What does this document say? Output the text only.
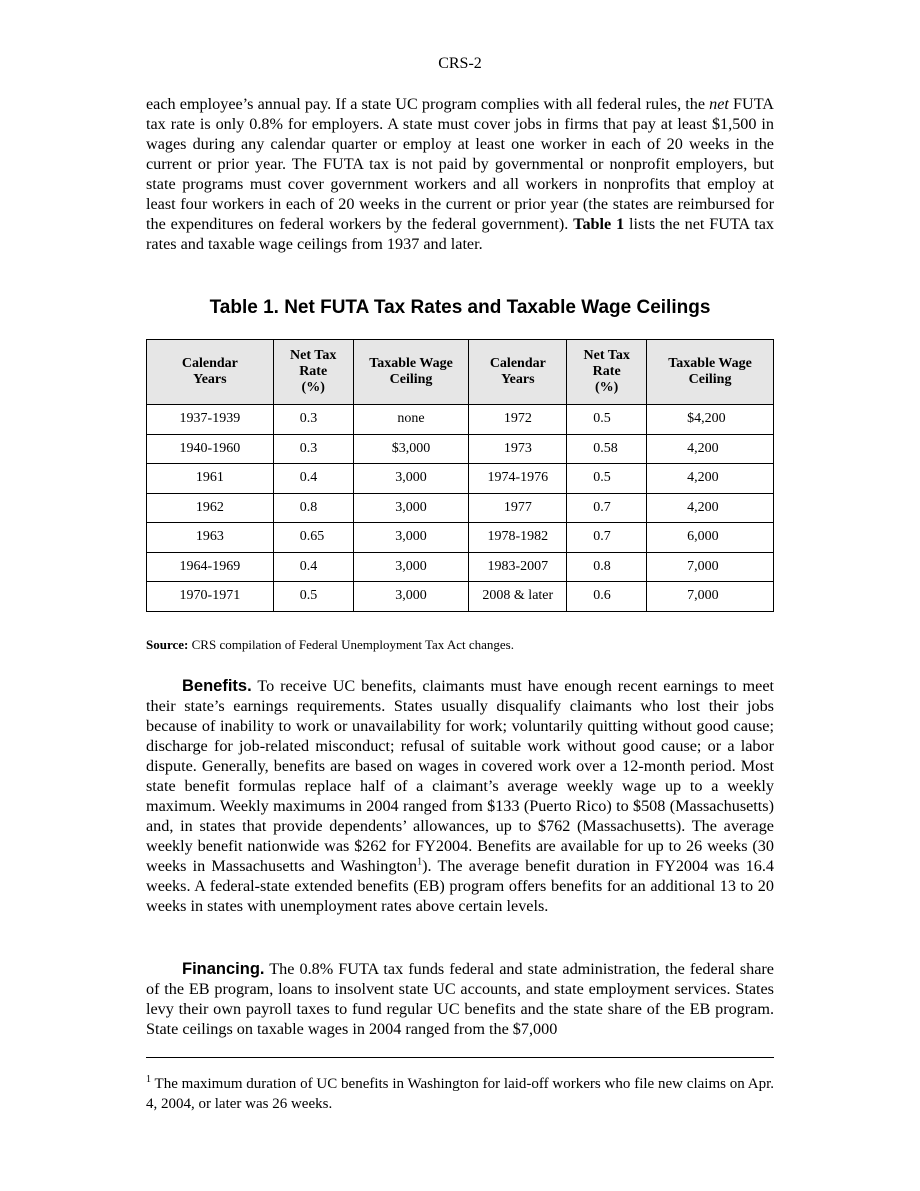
CRS-2

each employee’s annual pay. If a state UC program complies with all federal rules, the net FUTA tax rate is only 0.8% for employers. A state must cover jobs in firms that pay at least $1,500 in wages during any calendar quarter or employ at least one worker in each of 20 weeks in the current or prior year. The FUTA tax is not paid by governmental or nonprofit employers, but state programs must cover government workers and all workers in nonprofits that employ at least four workers in each of 20 weeks in the current or prior year (the states are reimbursed for the expenditures on federal workers by the federal government). Table 1 lists the net FUTA tax rates and taxable wage ceilings from 1937 and later.

Table 1. Net FUTA Tax Rates and Taxable Wage Ceilings
Calendar
Years	Net Tax
Rate
(%)	Taxable Wage
Ceiling	Calendar
Years	Net Tax
Rate
(%)	Taxable Wage
Ceiling
1937-1939	0.3	none	1972	0.5	$4,200
1940-1960	0.3	$3,000	1973	0.58	4,200
1961	0.4	3,000	1974-1976	0.5	4,200
1962	0.8	3,000	1977	0.7	4,200
1963	0.65	3,000	1978-1982	0.7	6,000
1964-1969	0.4	3,000	1983-2007	0.8	7,000
1970-1971	0.5	3,000	2008 & later	0.6	7,000
Source: CRS compilation of Federal Unemployment Tax Act changes.

Benefits. To receive UC benefits, claimants must have enough recent earnings to meet their state’s earnings requirements. States usually disqualify claimants who lost their jobs because of inability to work or unavailability for work; voluntarily quitting without good cause; discharge for job-related misconduct; refusal of suitable work without good cause; or a labor dispute. Generally, benefits are based on wages in covered work over a 12-month period. Most state benefit formulas replace half of a claimant’s average weekly wage up to a weekly maximum. Weekly maximums in 2004 ranged from $133 (Puerto Rico) to $508 (Massachusetts) and, in states that provide dependents’ allowances, up to $762 (Massachusetts). The average weekly benefit nationwide was $262 for FY2004. Benefits are available for up to 26 weeks (30 weeks in Massachusetts and Washington$^1$). The average benefit duration in FY2004 was 16.4 weeks. A federal-state extended benefits (EB) program offers benefits for an additional 13 to 20 weeks in states with unemployment rates above certain levels.

Financing. The 0.8% FUTA tax funds federal and state administration, the federal share of the EB program, loans to insolvent state UC accounts, and state employment services. States levy their own payroll taxes to fund regular UC benefits and the state share of the EB program. State ceilings on taxable wages in 2004 ranged from the $7,000

$^1$ The maximum duration of UC benefits in Washington for laid-off workers who file new claims on Apr. 4, 2004, or later was 26 weeks.
